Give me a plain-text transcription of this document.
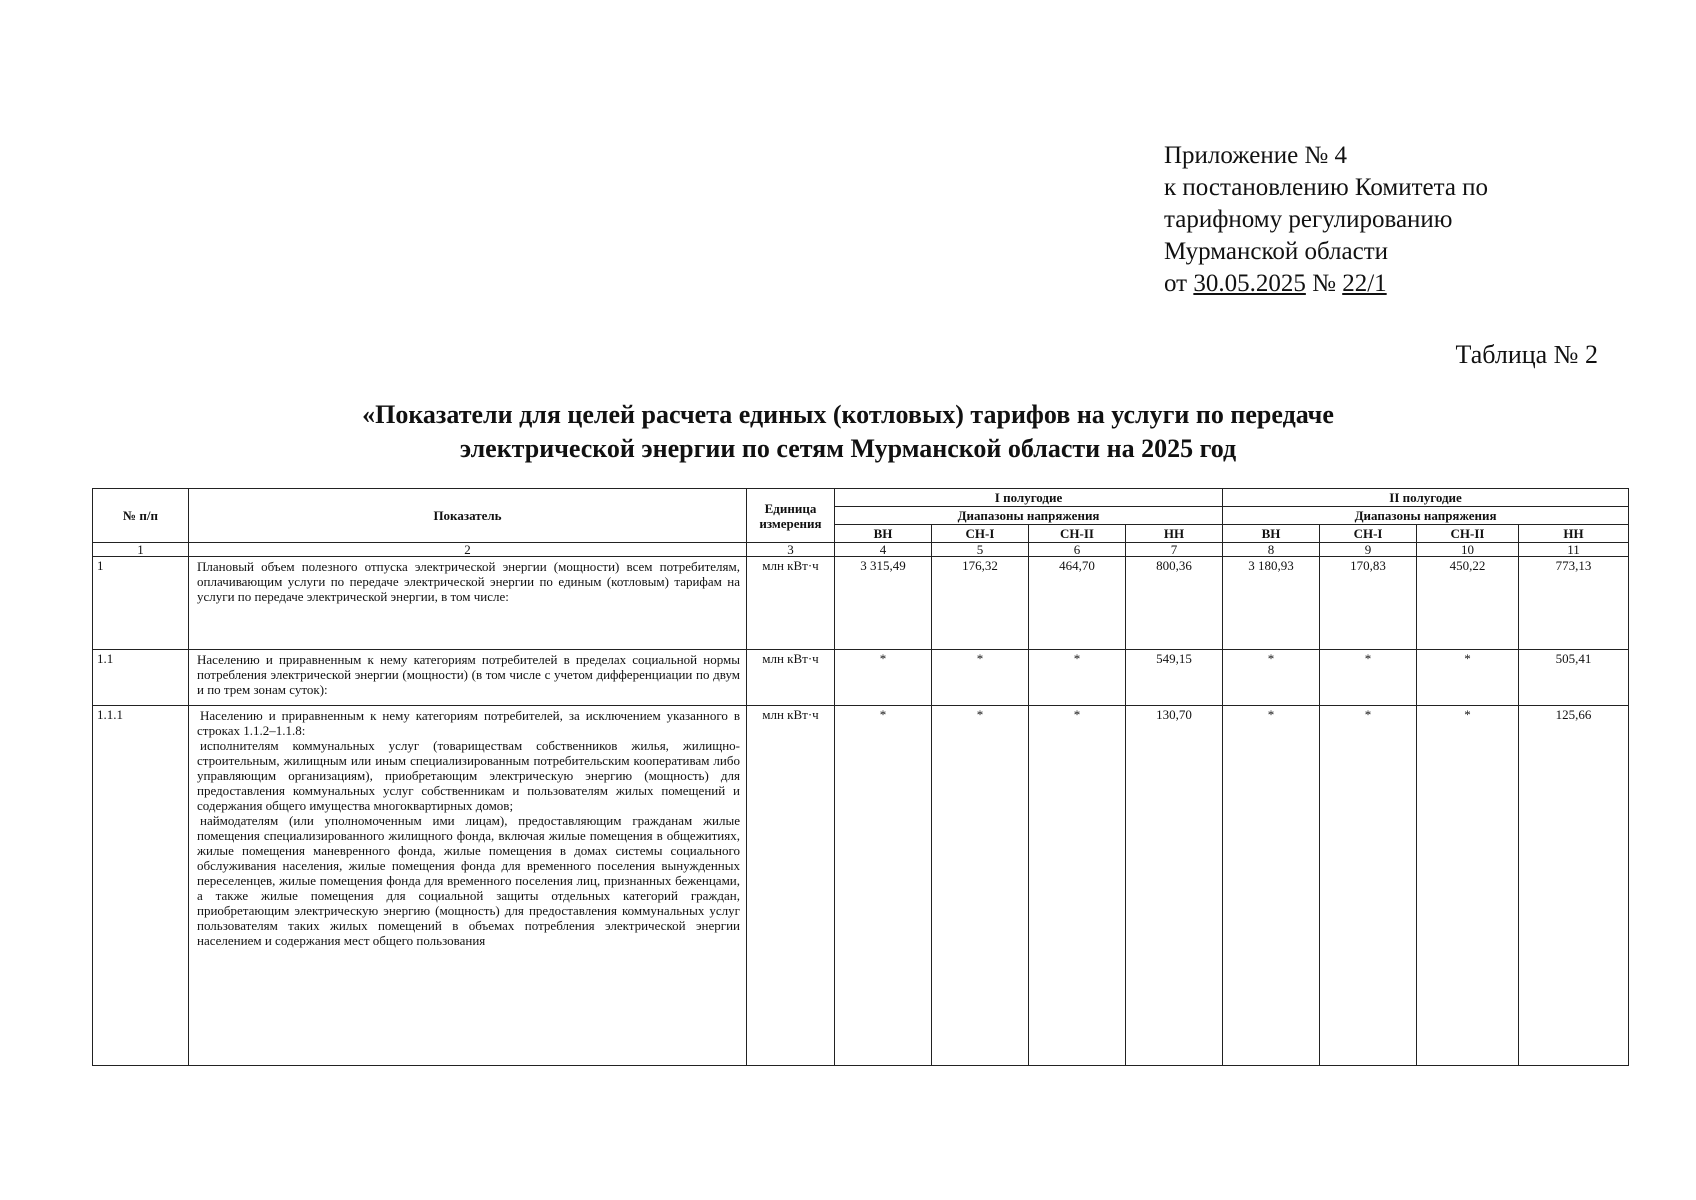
Приложение № 4
к постановлению Комитета по
тарифному регулированию
Мурманской области
от 30.05.2025 № 22/1
Таблица № 2
«Показатели для целей расчета единых (котловых) тарифов на услуги по передаче
электрической энергии по сетям Мурманской области на 2025 год
№ п/п	Показатель	Единица измерения	I полугодие				II полугодие			
			Диапазоны напряжения				Диапазоны напряжения			
			ВН	СН-I	СН-II	НН	ВН	СН-I	СН-II	НН
1	2	3	4	5	6	7	8	9	10	11
1	Плановый объем полезного отпуска электрической энергии (мощности) всем потребителям, оплачивающим услуги по передаче электрической энергии по единым (котловым) тарифам на услуги по передаче электрической энергии, в том числе:	млн кВт·ч	3 315,49	176,32	464,70	800,36	3 180,93	170,83	450,22	773,13
1.1	Населению и приравненным к нему категориям потребителей в пределах социальной нормы потребления электрической энергии (мощности) (в том числе с учетом дифференциации по двум и по трем зонам суток):	млн кВт·ч	*	*	*	549,15	*	*	*	505,41
1.1.1	Населению и приравненным к нему категориям потребителей, за исключением указанного в строках 1.1.2–1.1.8:
исполнителям коммунальных услуг (товариществам собственников жилья, жилищно-строительным, жилищным или иным специализированным потребительским кооперативам либо управляющим организациям), приобретающим электрическую энергию (мощность) для предоставления коммунальных услуг собственникам и пользователям жилых помещений и содержания общего имущества многоквартирных домов;
наймодателям (или уполномоченным ими лицам), предоставляющим гражданам жилые помещения специализированного жилищного фонда, включая жилые помещения в общежитиях, жилые помещения маневренного фонда, жилые помещения в домах системы социального обслуживания населения, жилые помещения фонда для временного поселения вынужденных переселенцев, жилые помещения фонда для временного поселения лиц, признанных беженцами, а также жилые помещения для социальной защиты отдельных категорий граждан, приобретающим электрическую энергию (мощность) для предоставления коммунальных услуг пользователям таких жилых помещений в объемах потребления электрической энергии населением и содержания мест общего пользования	млн кВт·ч	*	*	*	130,70	*	*	*	125,66
